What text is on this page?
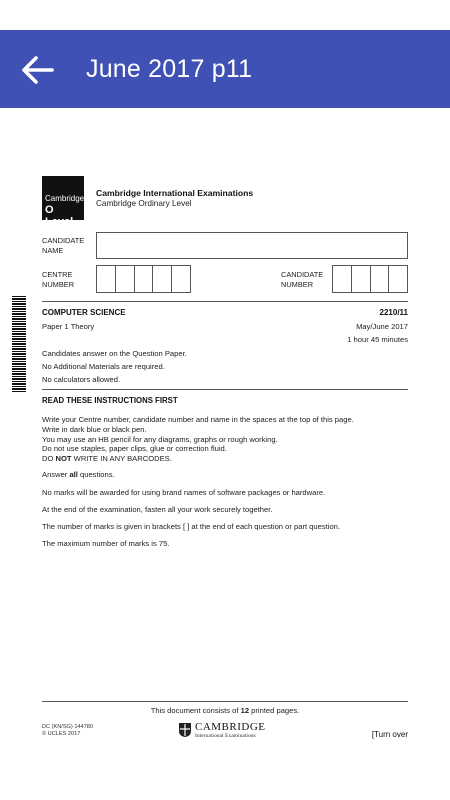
June 2017 p11
Cambridge
O Level
Cambridge International Examinations
Cambridge Ordinary Level
CANDIDATE
NAME
CENTRE
NUMBER
CANDIDATE
NUMBER
COMPUTER SCIENCE	2210/11
Paper 1 Theory	May/June 2017
1 hour 45 minutes
Candidates answer on the Question Paper.
No Additional Materials are required.
No calculators allowed.
READ THESE INSTRUCTIONS FIRST
Write your Centre number, candidate number and name in the spaces at the top of this page.
Write in dark blue or black pen.
You may use an HB pencil for any diagrams, graphs or rough working.
Do not use staples, paper clips, glue or correction fluid.
DO NOT WRITE IN ANY BARCODES.
Answer all questions.
No marks will be awarded for using brand names of software packages or hardware.
At the end of the examination, fasten all your work securely together.
The number of marks is given in brackets [ ] at the end of each question or part question.
The maximum number of marks is 75.
This document consists of 12 printed pages.
DC (KN/SG) 144780
© UCLES 2017
CAMBRIDGE
International Examinations	[Turn over
